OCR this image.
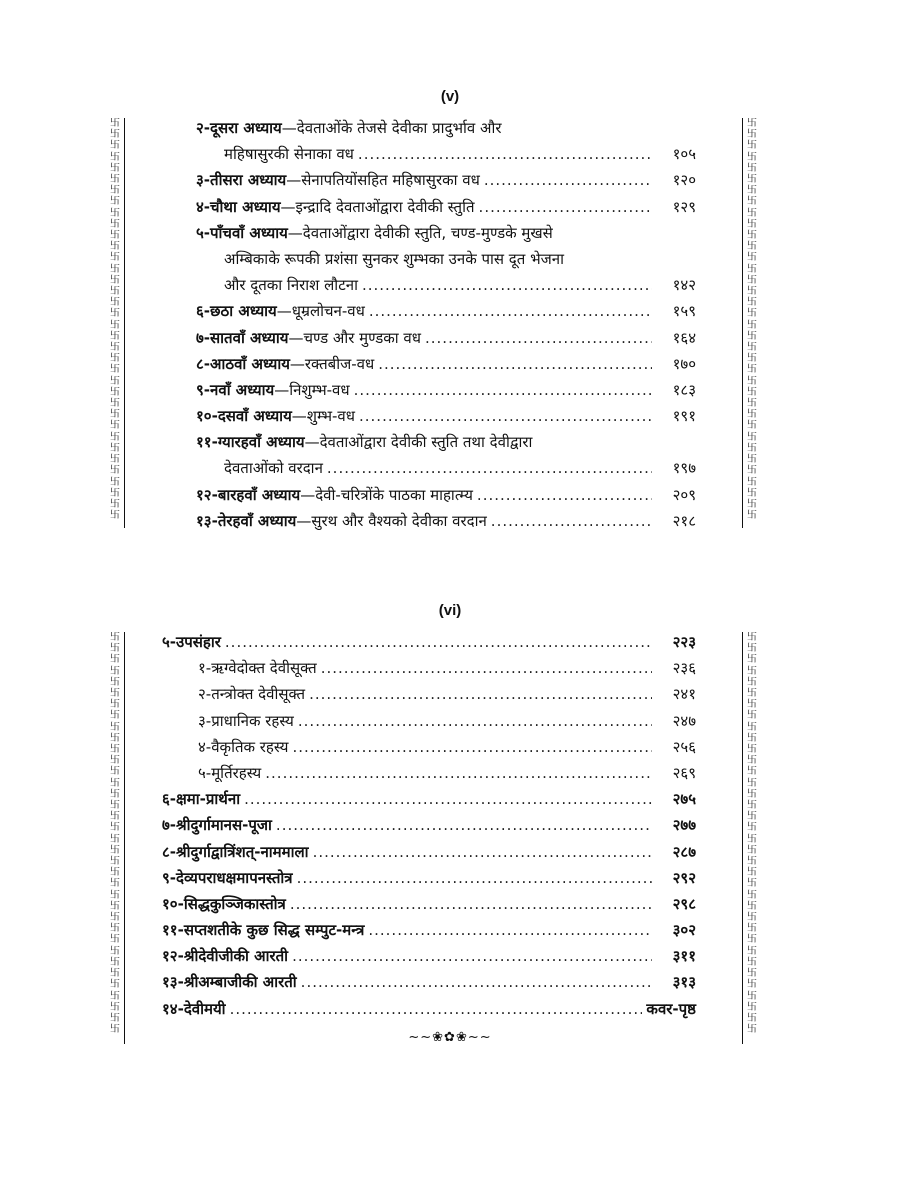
(v)
卐
卐
卐
卐
卐
卐
卐
卐
卐
卐
卐
卐
卐
卐
卐
卐
卐
卐
卐
卐
卐
卐
卐
卐
卐
卐
卐
卐
卐
卐
卐
卐
卐
卐
卐
卐
卐
卐
卐
卐
卐
卐
卐
卐
卐
卐
卐
卐
卐
卐
卐
卐
卐
卐
卐
卐
卐
卐
卐
卐
卐
卐
卐
卐
卐
卐
卐
卐
卐
卐
卐
卐
२-दूसरा अध्याय—देवताओंके तेजसे देवीका प्रादुर्भाव और
महिषासुरकी सेनाका वध .....	१०५
३-तीसरा अध्याय—सेनापतियोंसहित महिषासुरका वध .....	१२०
४-चौथा अध्याय—इन्द्रादि देवताओंद्वारा देवीकी स्तुति .....	१२९
५-पाँचवाँ अध्याय—देवताओंद्वारा देवीकी स्तुति, चण्ड-मुण्डके मुखसे
अम्बिकाके रूपकी प्रशंसा सुनकर शुम्भका उनके पास दूत भेजना
और दूतका निराश लौटना .....	१४२
६-छठा अध्याय—धूम्रलोचन-वध .....	१५९
७-सातवाँ अध्याय—चण्ड और मुण्डका वध .....	१६४
८-आठवाँ अध्याय—रक्तबीज-वध .....	१७०
९-नवाँ अध्याय—निशुम्भ-वध .....	१८३
१०-दसवाँ अध्याय—शुम्भ-वध .....	१९१
११-ग्यारहवाँ अध्याय—देवताओंद्वारा देवीकी स्तुति तथा देवीद्वारा
देवताओंको वरदान .....	१९७
१२-बारहवाँ अध्याय—देवी-चरित्रोंके पाठका माहात्म्य .....	२०९
१३-तेरहवाँ अध्याय—सुरथ और वैश्यको देवीका वरदान .....	२१८
(vi)
卐
卐
卐
卐
卐
卐
卐
卐
卐
卐
卐
卐
卐
卐
卐
卐
卐
卐
卐
卐
卐
卐
卐
卐
卐
卐
卐
卐
卐
卐
卐
卐
卐
卐
卐
卐
卐
卐
卐
卐
卐
卐
卐
卐
卐
卐
卐
卐
卐
卐
卐
卐
卐
卐
卐
卐
卐
卐
卐
卐
卐
卐
卐
卐
卐
卐
卐
卐
卐
卐
卐
卐
५-उपसंहार .....	२२३
१-ऋग्वेदोक्त देवीसूक्त .....	२३६
२-तन्त्रोक्त देवीसूक्त .....	२४१
३-प्राधानिक रहस्य .....	२४७
४-वैकृतिक रहस्य .....	२५६
५-मूर्तिरहस्य .....	२६९
६-क्षमा-प्रार्थना .....	२७५
७-श्रीदुर्गामानस-पूजा .....	२७७
८-श्रीदुर्गाद्वात्रिंशत्-नाममाला .....	२८७
९-देव्यपराधक्षमापनस्तोत्र .....	२९२
१०-सिद्धकुञ्जिकास्तोत्र .....	२९८
११-सप्तशतीके कुछ सिद्ध सम्पुट-मन्त्र .....	३०२
१२-श्रीदेवीजीकी आरती .....	३११
१३-श्रीअम्बाजीकी आरती .....	३१३
१४-देवीमयी .....	कवर-पृष्ठ
~~❀✿❀~~
